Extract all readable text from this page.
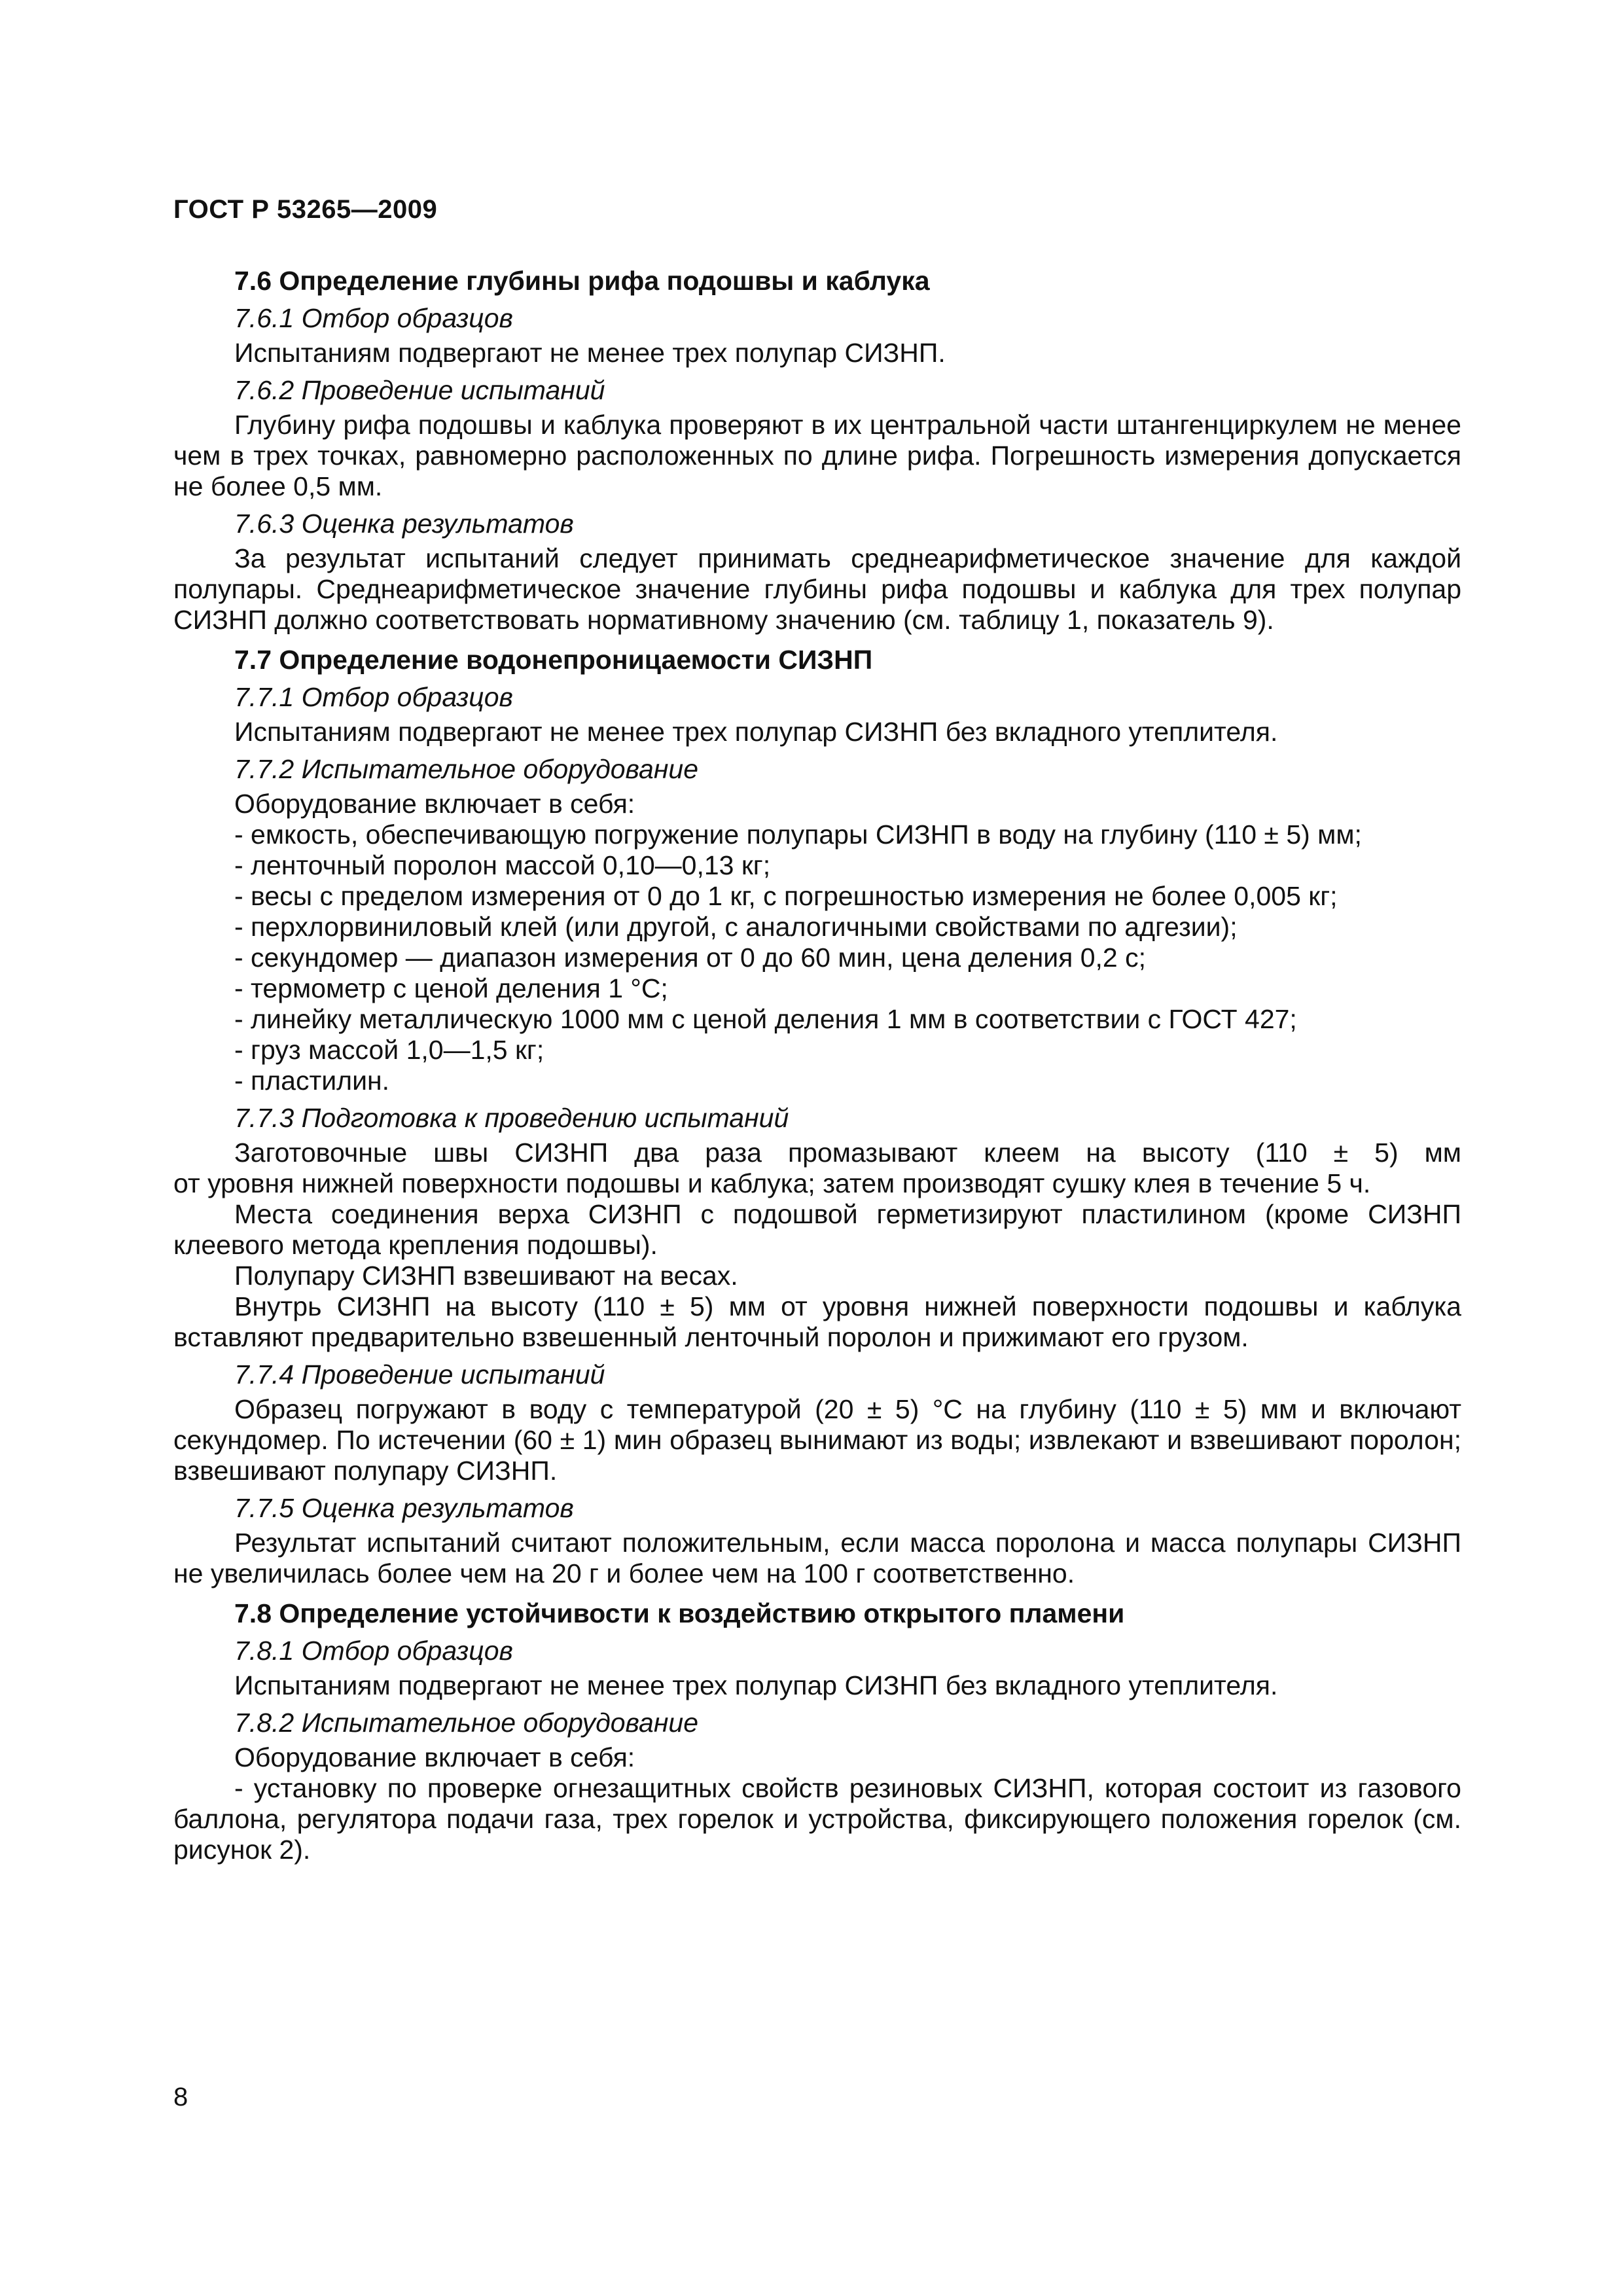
ГОСТ Р 53265—2009

7.6 Определение глубины рифа подошвы и каблука

7.6.1 Отбор образцов

Испытаниям подвергают не менее трех полупар СИЗНП.

7.6.2 Проведение испытаний

Глубину рифа подошвы и каблука проверяют в их центральной части штангенциркулем не менее чем в трех точках, равномерно расположенных по длине рифа. Погрешность измерения допускается не более 0,5 мм.

7.6.3 Оценка результатов

За результат испытаний следует принимать среднеарифметическое значение для каждой полупары. Среднеарифметическое значение глубины рифа подошвы и каблука для трех полупар СИЗНП должно соответствовать нормативному значению (см. таблицу 1, показатель 9).

7.7 Определение водонепроницаемости СИЗНП

7.7.1 Отбор образцов

Испытаниям подвергают не менее трех полупар СИЗНП без вкладного утеплителя.

7.7.2 Испытательное оборудование

Оборудование включает в себя:

- емкость, обеспечивающую погружение полупары СИЗНП в воду на глубину (110 ± 5) мм;

- ленточный поролон массой 0,10—0,13 кг;

- весы с пределом измерения от 0 до 1 кг, с погрешностью измерения не более 0,005 кг;

- перхлорвиниловый клей (или другой, с аналогичными свойствами по адгезии);

- секундомер — диапазон измерения от 0 до 60 мин, цена деления 0,2 с;

- термометр с ценой деления 1 °С;

- линейку металлическую 1000 мм с ценой деления 1 мм в соответствии с ГОСТ 427;

- груз массой 1,0—1,5 кг;

- пластилин.

7.7.3 Подготовка к проведению испытаний

Заготовочные швы СИЗНП два раза промазывают клеем на высоту (110 ± 5) мм

от уровня нижней поверхности подошвы и каблука; затем производят сушку клея в течение 5 ч.

Места соединения верха СИЗНП с подошвой герметизируют пластилином (кроме СИЗНП клеевого метода крепления подошвы).

Полупару СИЗНП взвешивают на весах.

Внутрь СИЗНП на высоту (110 ± 5) мм от уровня нижней поверхности подошвы и каблука вставляют предварительно взвешенный ленточный поролон и прижимают его грузом.

7.7.4 Проведение испытаний

Образец погружают в воду с температурой (20 ± 5) °С на глубину (110 ± 5) мм и включают секундомер. По истечении (60 ± 1) мин образец вынимают из воды; извлекают и взвешивают поролон; взвешивают полупару СИЗНП.

7.7.5 Оценка результатов

Результат испытаний считают положительным, если масса поролона и масса полупары СИЗНП не увеличилась более чем на 20 г и более чем на 100 г соответственно.

7.8 Определение устойчивости к воздействию открытого пламени

7.8.1 Отбор образцов

Испытаниям подвергают не менее трех полупар СИЗНП без вкладного утеплителя.

7.8.2 Испытательное оборудование

Оборудование включает в себя:

- установку по проверке огнезащитных свойств резиновых СИЗНП, которая состоит из газового баллона, регулятора подачи газа, трех горелок и устройства, фиксирующего положения горелок (см. рисунок 2).

8
